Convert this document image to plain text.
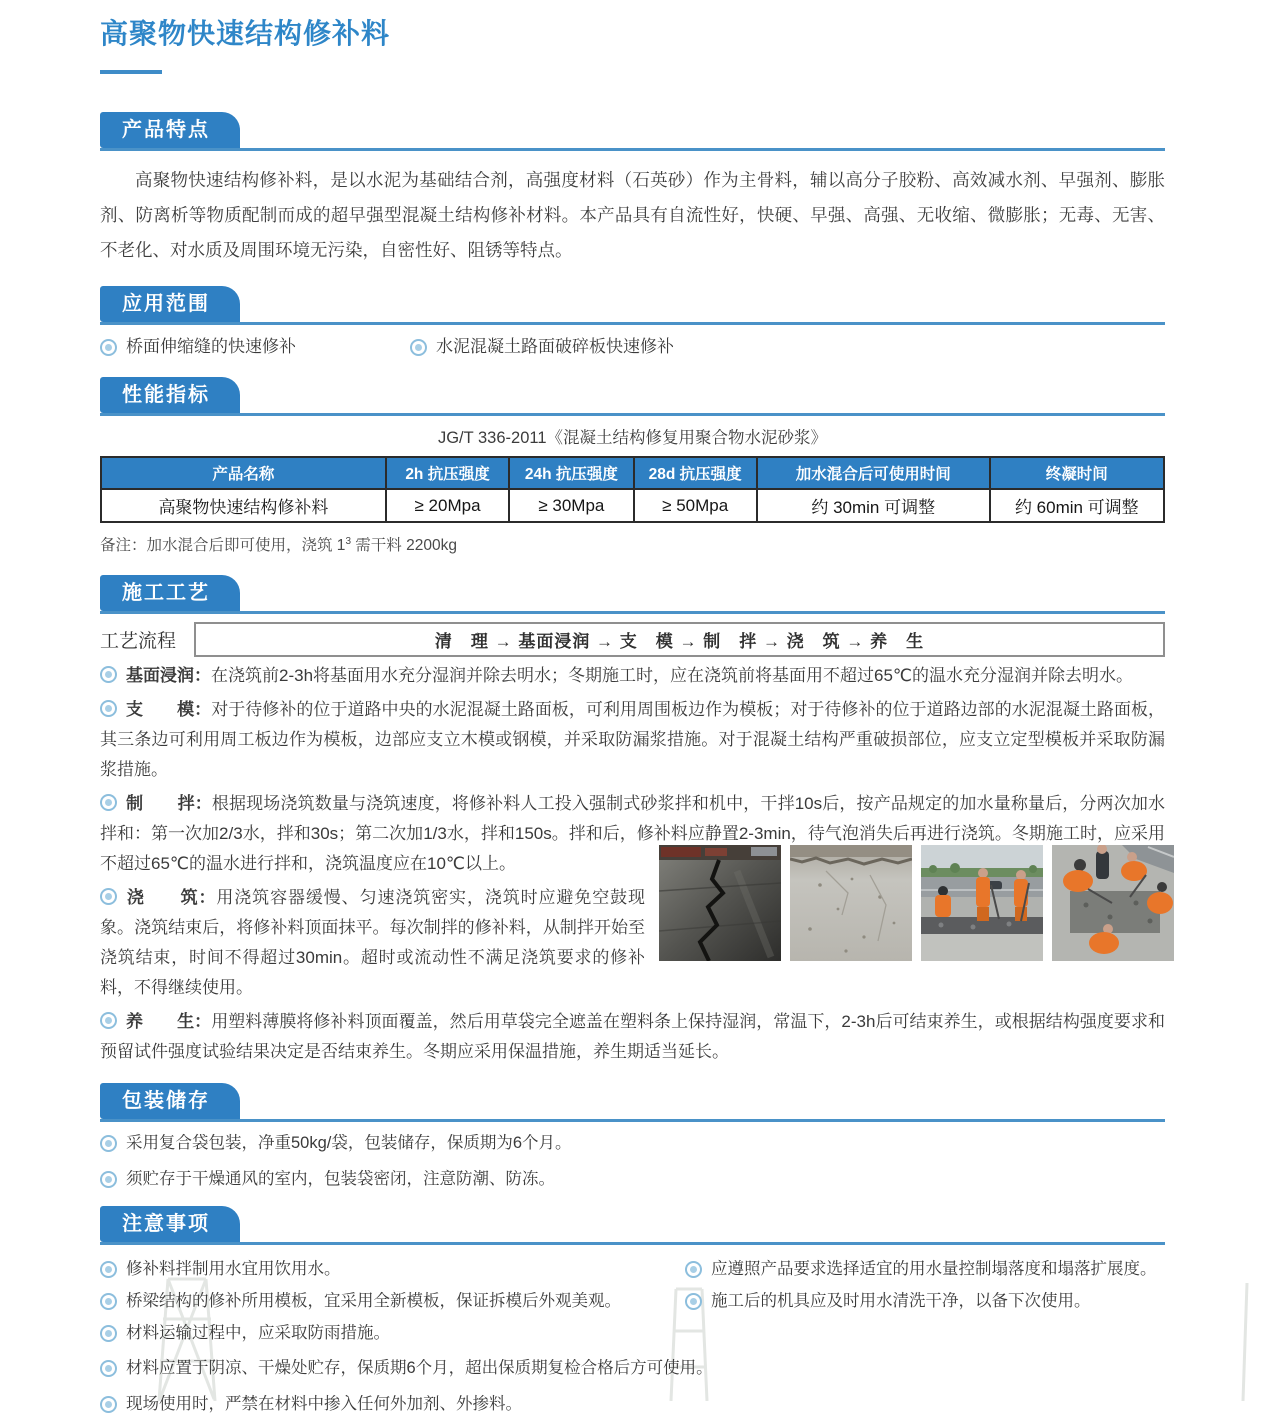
高聚物快速结构修补料
产品特点

高聚物快速结构修补料，是以水泥为基础结合剂，高强度材料（石英砂）作为主骨料，辅以高分子胶粉、高效减水剂、早强剂、膨胀剂、防离析等物质配制而成的超早强型混凝土结构修补材料。本产品具有自流性好，快硬、早强、高强、无收缩、微膨胀；无毒、无害、不老化、对水质及周围环境无污染，自密性好、阻锈等特点。

应用范围
桥面伸缩缝的快速修补	水泥混凝土路面破碎板快速修补
性能指标
JG/T 336-2011《混凝土结构修复用聚合物水泥砂浆》
产品名称	2h 抗压强度	24h 抗压强度	28d 抗压强度	加水混合后可使用时间	终凝时间
高聚物快速结构修补料	≥ 20Mpa	≥ 30Mpa	≥ 50Mpa	约 30min 可调整	约 60min 可调整
备注：加水混合后即可使用，浇筑 $1^3$ 需干料 2200kg
施工工艺
工艺流程	清　理 → 基面浸润 → 支　模 → 制　拌 → 浇　筑 → 养　生

基面浸润：在浇筑前2-3h将基面用水充分湿润并除去明水；冬期施工时，应在浇筑前将基面用不超过65℃的温水充分湿润并除去明水。

支　　模：对于待修补的位于道路中央的水泥混凝土路面板，可利用周围板边作为模板；对于待修补的位于道路边部的水泥混凝土路面板，其三条边可利用周工板边作为模板，边部应支立木模或钢模，并采取防漏浆措施。对于混凝土结构严重破损部位，应支立定型模板并采取防漏浆措施。

制　　拌：根据现场浇筑数量与浇筑速度，将修补料人工投入强制式砂浆拌和机中，干拌10s后，按产品规定的加水量称量后，分两次加水拌和：第一次加2/3水，拌和30s；第二次加1/3水，拌和150s。拌和后，修补料应静置2-3min，待气泡消失后再进行浇筑。冬期施工时，应采用不超过65℃的温水进行拌和，浇筑温度应在10℃以上。

浇　　筑：用浇筑容器缓慢、匀速浇筑密实，浇筑时应避免空鼓现象。浇筑结束后，将修补料顶面抹平。每次制拌的修补料，从制拌开始至浇筑结束，时间不得超过30min。超时或流动性不满足浇筑要求的修补料，不得继续使用。

养　　生：用塑料薄膜将修补料顶面覆盖，然后用草袋完全遮盖在塑料条上保持湿润，常温下，2-3h后可结束养生，或根据结构强度要求和预留试件强度试验结果决定是否结束养生。冬期应采用保温措施，养生期适当延长。

包装储存

采用复合袋包装，净重50kg/袋，包装储存，保质期为6个月。

须贮存于干燥通风的室内，包装袋密闭，注意防潮、防冻。

注意事项

修补料拌制用水宜用饮用水。	应遵照产品要求选择适宜的用水量控制塌落度和塌落扩展度。

桥梁结构的修补所用模板，宜采用全新模板，保证拆模后外观美观。	施工后的机具应及时用水清洗干净，以备下次使用。

材料运输过程中，应采取防雨措施。

材料应置于阴凉、干燥处贮存，保质期6个月，超出保质期复检合格后方可使用。

现场使用时，严禁在材料中掺入任何外加剂、外掺料。
